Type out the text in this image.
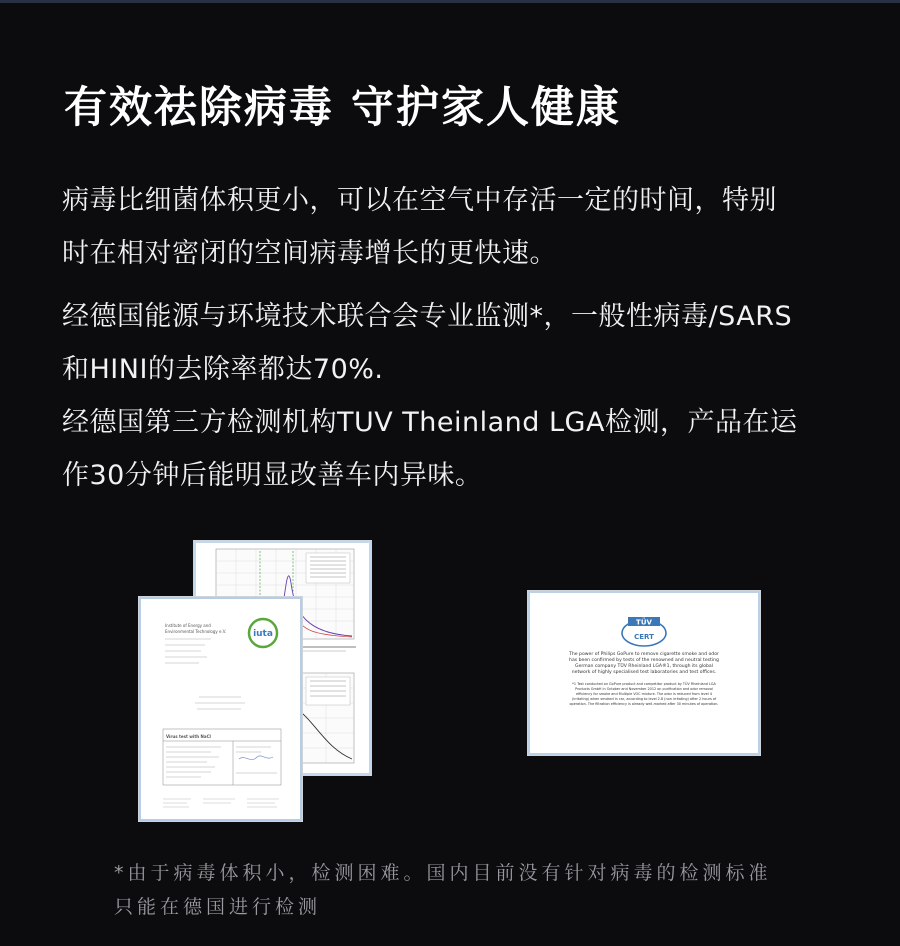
有效祛除病毒 守护家人健康
病毒比细菌体积更小，可以在空气中存活一定的时间，特别
时在相对密闭的空间病毒增长的更快速。
经德国能源与环境技术联合会专业监测*，一般性病毒/SARS
和HINI的去除率都达70%.
经德国第三方检测机构TUV Theinland LGA检测，产品在运
作30分钟后能明显改善车内异味。
iuta
Institute of Energy and
Environmental Technology e.V.
Virus test with NaCl
TÜV
CERT
The power of Philips GoPure to remove cigarette smoke and odor
has been confirmed by tests of the renowned and neutral testing
German company TÜV Rheinland LGA®1, through its global
network of highly specialised test laboratories and test offices.
*1 Test conducted on GoPure product and competitor product by TÜV Rheinland LGA
Products GmbH in October and November 2012 on purification and odor removal
efficiency for smoke and Multiple VOC mixture. The odor is reduced from level 4
(irritating) when smoked in car, according to level 2.8 (non irritating) after 2 hours of
operation. The filtration efficiency is already well-marked after 30 minutes of operation.
*由于病毒体积小，检测困难。国内目前没有针对病毒的检测标准
只能在德国进行检测
